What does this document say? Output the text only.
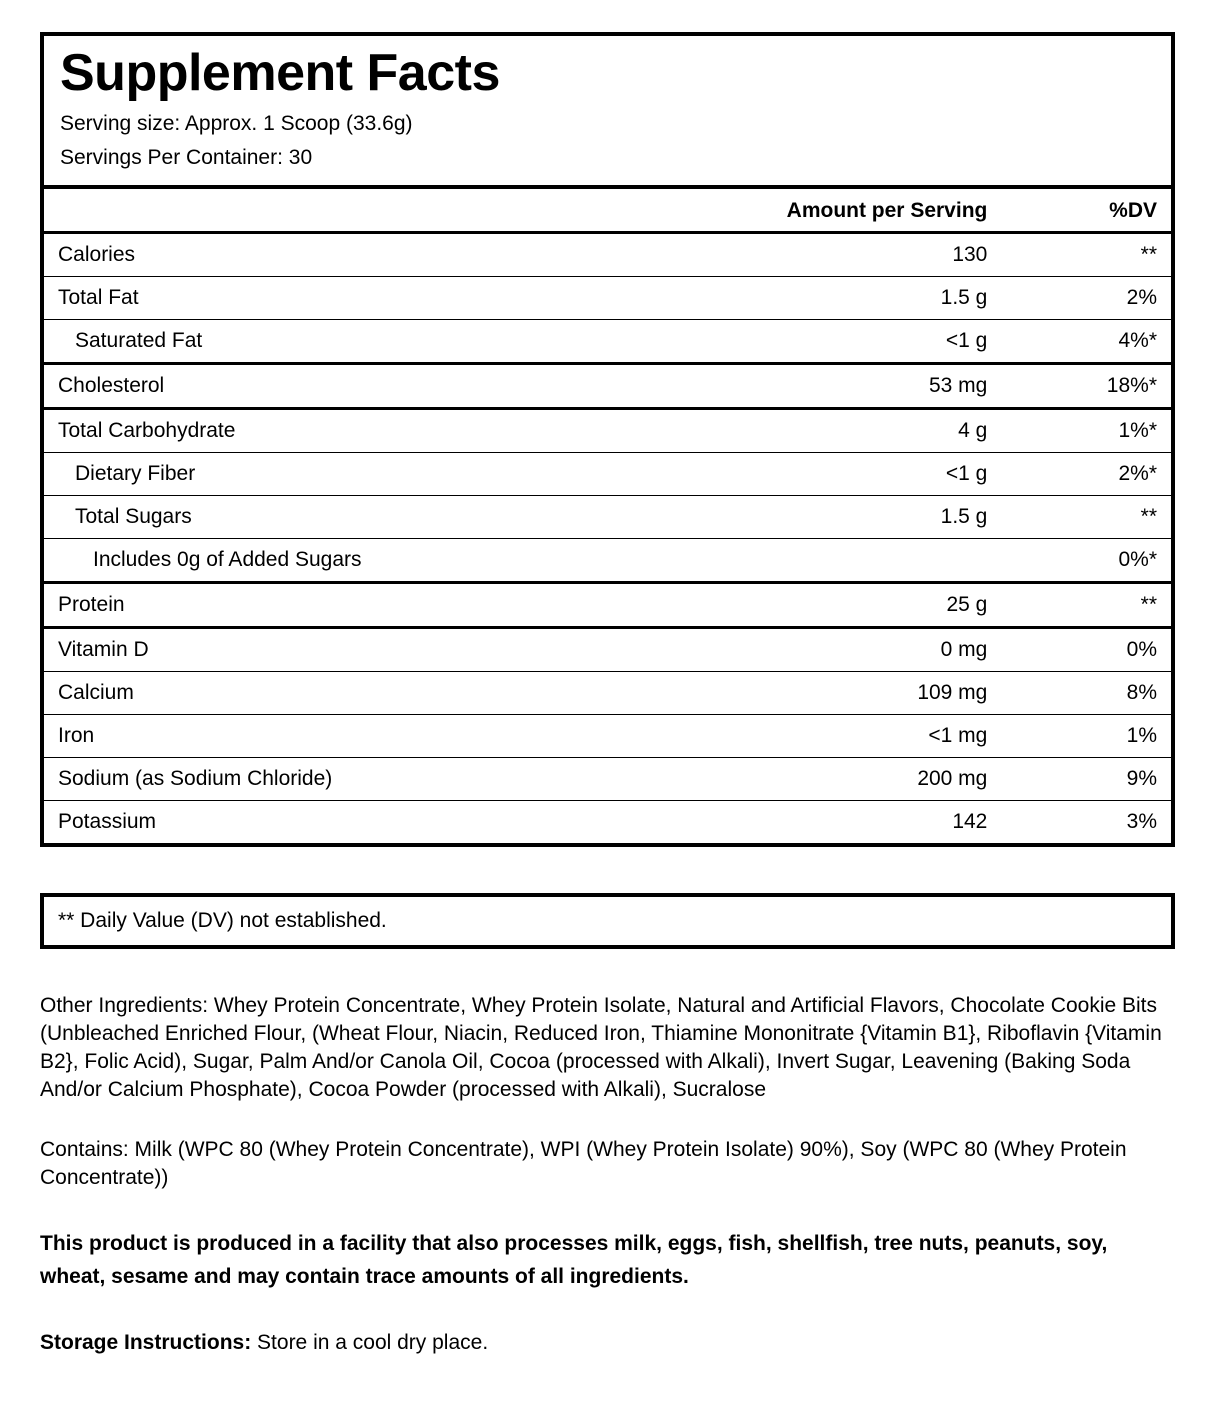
Supplement Facts
Serving size: Approx. 1 Scoop (33.6g)
Servings Per Container: 30
	Amount per Serving	%DV
Calories	130	**
Total Fat	1.5 g	2%
Saturated Fat	<1 g	4%*
Cholesterol	53 mg	18%*
Total Carbohydrate	4 g	1%*
Dietary Fiber	<1 g	2%*
Total Sugars	1.5 g	**
Includes 0g of Added Sugars		0%*
Protein	25 g	**
Vitamin D	0 mg	0%
Calcium	109 mg	8%
Iron	<1 mg	1%
Sodium (as Sodium Chloride)	200 mg	9%
Potassium	142	3%
** Daily Value (DV) not established.

Other Ingredients: Whey Protein Concentrate, Whey Protein Isolate, Natural and Artificial Flavors, Chocolate Cookie Bits (Unbleached Enriched Flour, (Wheat Flour, Niacin, Reduced Iron, Thiamine Mononitrate {Vitamin B1}, Riboflavin {Vitamin B2}, Folic Acid), Sugar, Palm And/or Canola Oil, Cocoa (processed with Alkali), Invert Sugar, Leavening (Baking Soda And/or Calcium Phosphate), Cocoa Powder (processed with Alkali), Sucralose

Contains: Milk (WPC 80 (Whey Protein Concentrate), WPI (Whey Protein Isolate) 90%), Soy (WPC 80 (Whey Protein Concentrate))

This product is produced in a facility that also processes milk, eggs, fish, shellfish, tree nuts, peanuts, soy, wheat, sesame and may contain trace amounts of all ingredients.

Storage Instructions: Store in a cool dry place.
